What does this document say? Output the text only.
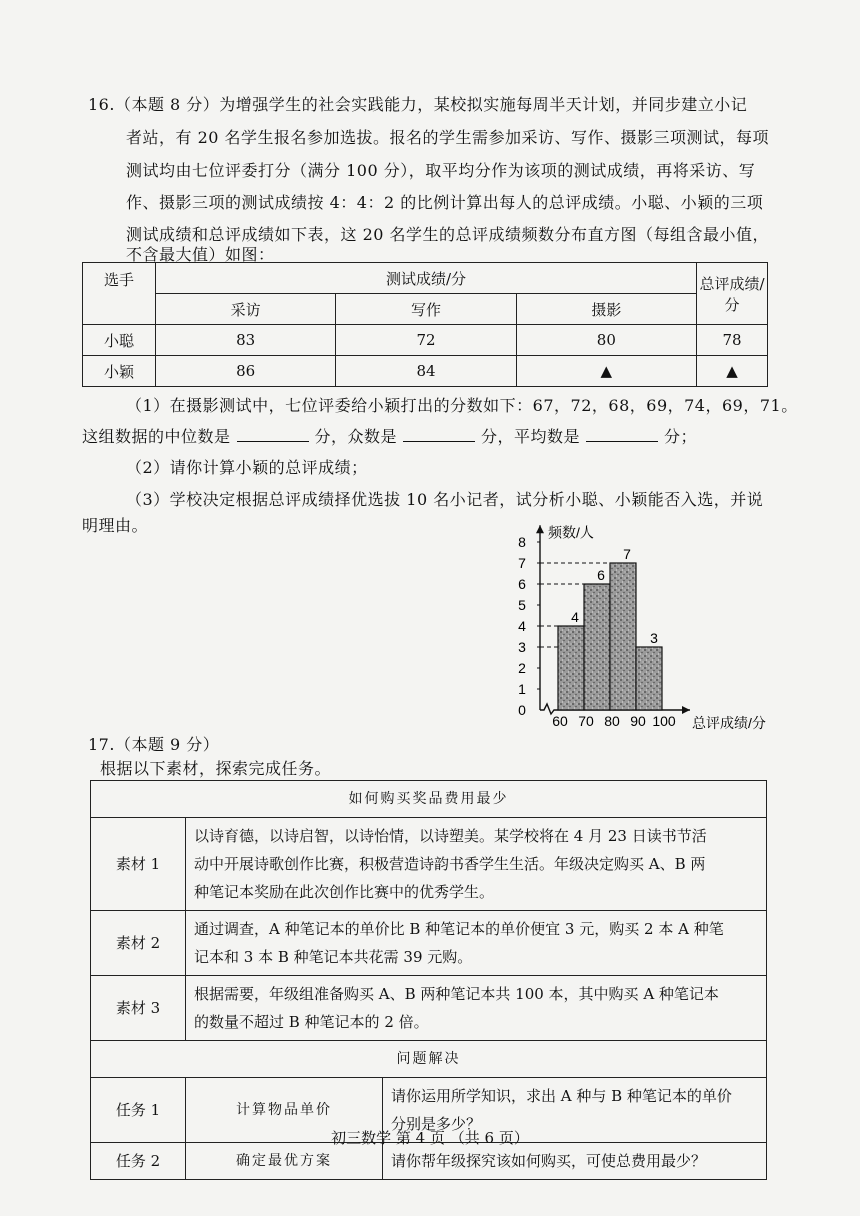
16.（本题 8 分）为增强学生的社会实践能力，某校拟实施每周半天计划，并同步建立小记
者站，有 20 名学生报名参加选拔。报名的学生需参加采访、写作、摄影三项测试，每项
测试均由七位评委打分（满分 100 分），取平均分作为该项的测试成绩，再将采访、写
作、摄影三项的测试成绩按 4：4：2 的比例计算出每人的总评成绩。小聪、小颖的三项
测试成绩和总评成绩如下表，这 20 名学生的总评成绩频数分布直方图（每组含最小值，
不含最大值）如图：
选手	测试成绩/分			总评成绩/分
	采访	写作	摄影	
小聪	83	72	80	78
小颖	86	84	▲	▲
（1）在摄影测试中，七位评委给小颖打出的分数如下：67，72，68，69，74，69，71。
这组数据的中位数是	分，众数是	分，平均数是	分；
（2）请你计算小颖的总评成绩；
（3）学校决定根据总评成绩择优选拔 10 名小记者，试分析小聪、小颖能否入选，并说
明理由。
0
1
2
3
4
5
6
7
8
4
6
7
3
60 70 80 90 100
频数/人
总评成绩/分
17.（本题 9 分）
根据以下素材，探索完成任务。
如何购买奖品费用最少		
素材 1	以诗育德，以诗启智，以诗怡情，以诗塑美。某学校将在 4 月 23 日读书节活
动中开展诗歌创作比赛，积极营造诗韵书香学生生活。年级决定购买 A、B 两
种笔记本奖励在此次创作比赛中的优秀学生。	

素材 2	通过调查，A 种笔记本的单价比 B 种笔记本的单价便宜 3 元，购买 2 本 A 种笔
记本和 3 本 B 种笔记本共花需 39 元购。	

素材 3	根据需要，年级组准备购买 A、B 两种笔记本共 100 本，其中购买 A 种笔记本
的数量不超过 B 种笔记本的 2 倍。	

问题解决		
任务 1	计算物品单价	请你运用所学知识，求出 A 种与 B 种笔记本的单价
分别是多少？

任务 2	确定最优方案	请你帮年级探究该如何购买，可使总费用最少？
初三数学 第 4 页 （共 6 页）
